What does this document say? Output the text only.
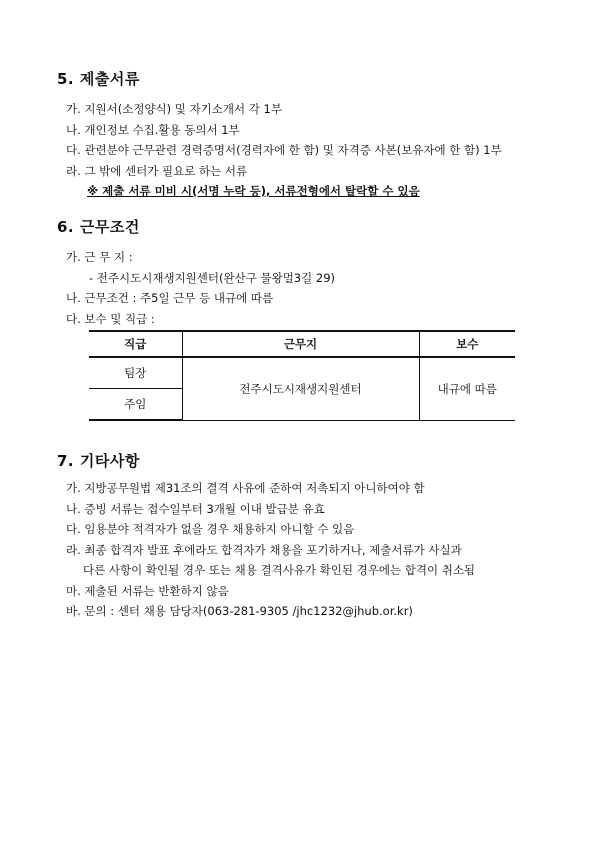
5. 제출서류
가. 지원서(소정양식) 및 자기소개서 각 1부
나. 개인정보 수집.활용 동의서 1부
다. 관련분야 근무관련 경력증명서(경력자에 한 함) 및 자격증 사본(보유자에 한 함) 1부
라. 그 밖에 센터가 필요로 하는 서류
※ 제출 서류 미비 시(서명 누락 등), 서류전형에서 탈락할 수 있음
6. 근무조건
가. 근 무 지 :
- 전주시도시재생지원센터(완산구 물왕멀3길 29)
나. 근무조건 : 주5일 근무 등 내규에 따름
다. 보수 및 직급 :
직급	근무지	보수
팀장	전주시도시재생지원센터	내규에 따름
주임		
7. 기타사항
가. 지방공무원법 제31조의 결격 사유에 준하여 저촉되지 아니하여야 함
나. 증빙 서류는 접수일부터 3개월 이내 발급분 유효
다. 임용분야 적격자가 없을 경우 채용하지 아니할 수 있음
라. 최종 합격자 발표 후에라도 합격자가 채용을 포기하거나, 제출서류가 사실과
다른 사항이 확인될 경우 또는 채용 결격사유가 확인된 경우에는 합격이 취소됨
마. 제출된 서류는 반환하지 않음
바. 문의 : 센터 채용 담당자(063-281-9305 /jhc1232@jhub.or.kr)
